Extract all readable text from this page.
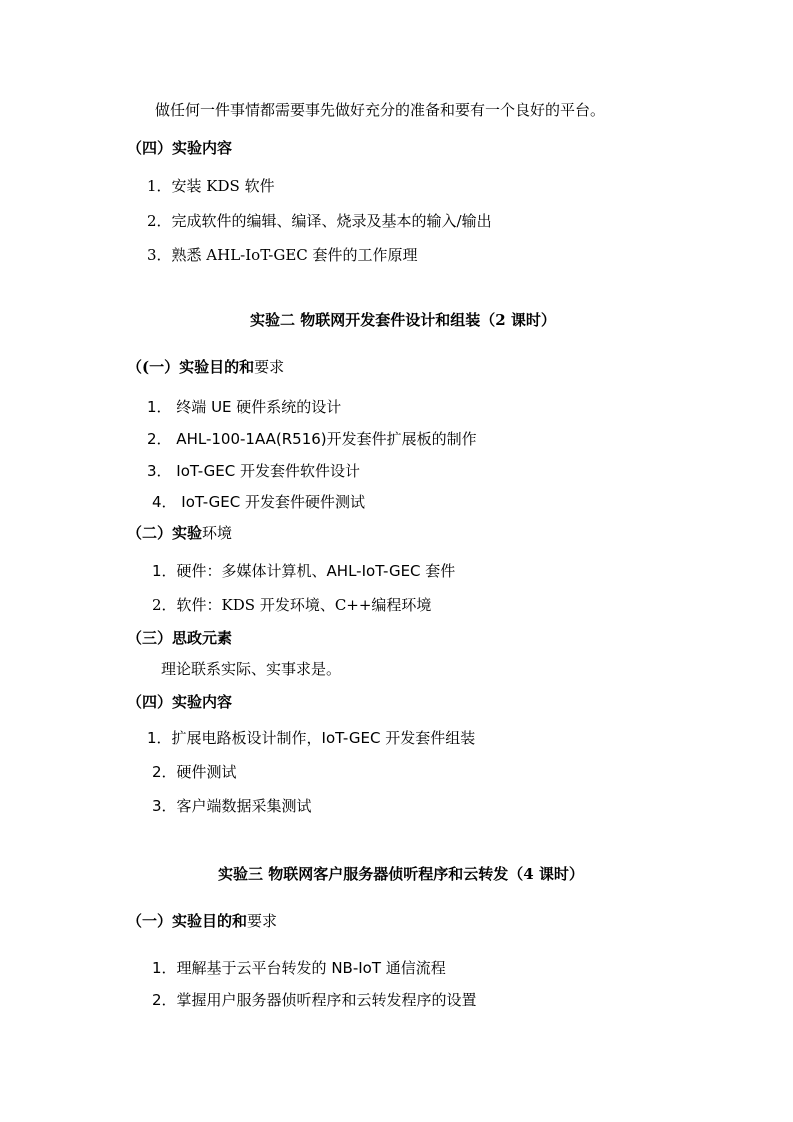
做任何一件事情都需要事先做好充分的准备和要有一个良好的平台。
（四）实验内容
1．安装 KDS 软件
2．完成软件的编辑、编译、烧录及基本的输入/输出
3．熟悉 AHL-IoT-GEC 套件的工作原理
实验二 物联网开发套件设计和组装（2 课时）
（(一）实验目的和要求
1． 终端 UE 硬件系统的设计
2． AHL-100-1AA(R516)开发套件扩展板的制作
3． IoT-GEC 开发套件软件设计
4． IoT-GEC 开发套件硬件测试
（二）实验环境
1．硬件：多媒体计算机、AHL-IoT-GEC 套件
2．软件：KDS 开发环境、C++编程环境
（三）思政元素
理论联系实际、实事求是。
（四）实验内容
1．扩展电路板设计制作，IoT-GEC 开发套件组装
2．硬件测试
3．客户端数据采集测试
实验三 物联网客户服务器侦听程序和云转发（4 课时）
（一）实验目的和要求
1．理解基于云平台转发的 NB-IoT 通信流程
2．掌握用户服务器侦听程序和云转发程序的设置
